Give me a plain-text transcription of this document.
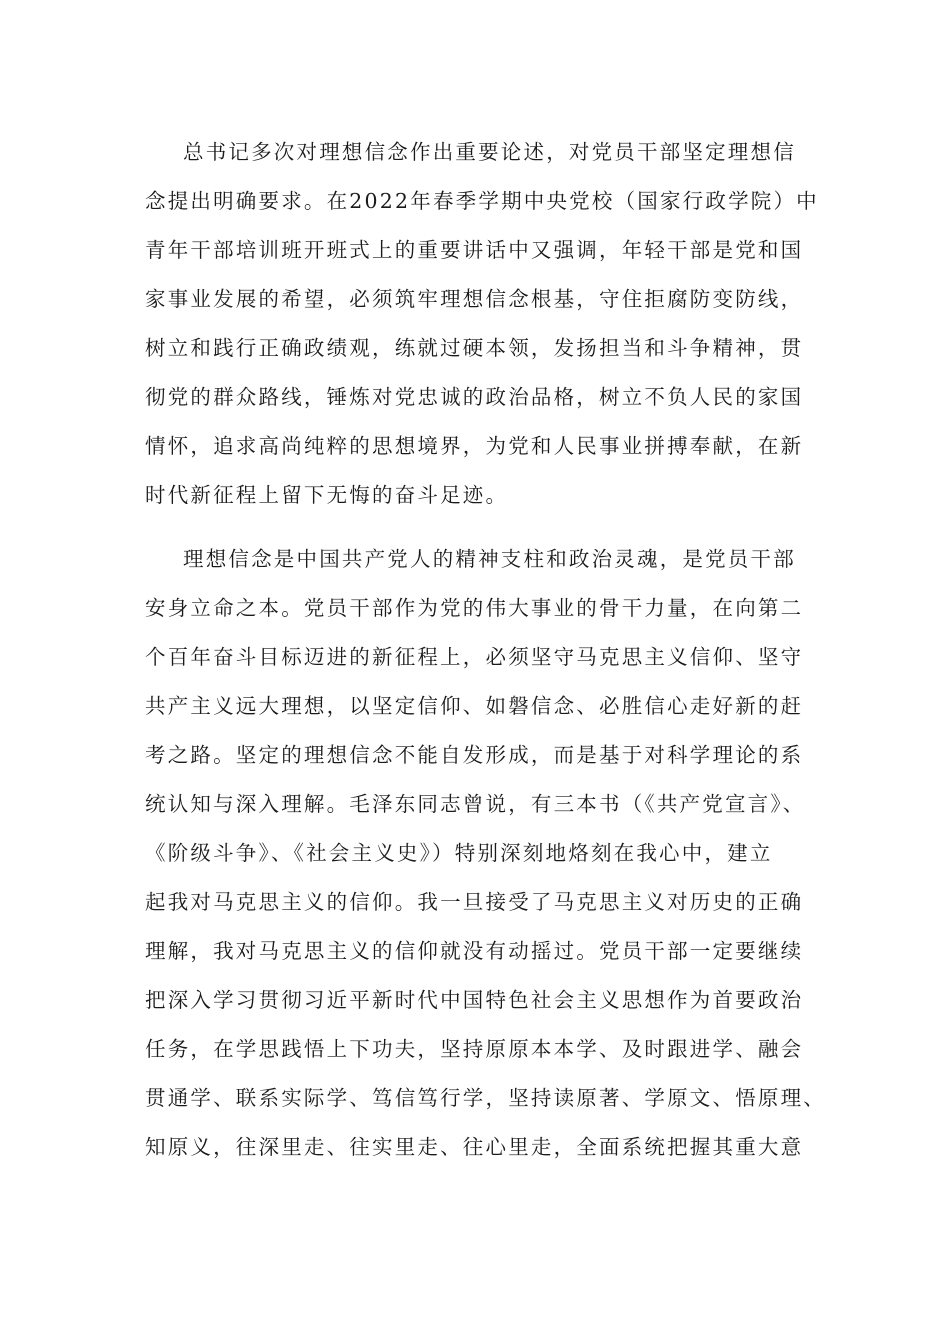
总书记多次对理想信念作出重要论述，对党员干部坚定理想信
念提出明确要求。在2022年春季学期中央党校（国家行政学院）中
青年干部培训班开班式上的重要讲话中又强调，年轻干部是党和国
家事业发展的希望，必须筑牢理想信念根基，守住拒腐防变防线，
树立和践行正确政绩观，练就过硬本领，发扬担当和斗争精神，贯
彻党的群众路线，锤炼对党忠诚的政治品格，树立不负人民的家国
情怀，追求高尚纯粹的思想境界，为党和人民事业拼搏奉献，在新
时代新征程上留下无悔的奋斗足迹。

理想信念是中国共产党人的精神支柱和政治灵魂，是党员干部
安身立命之本。党员干部作为党的伟大事业的骨干力量，在向第二
个百年奋斗目标迈进的新征程上，必须坚守马克思主义信仰、坚守
共产主义远大理想，以坚定信仰、如磐信念、必胜信心走好新的赶
考之路。坚定的理想信念不能自发形成，而是基于对科学理论的系
统认知与深入理解。毛泽东同志曾说，有三本书（《共产党宣言》、
《阶级斗争》、《社会主义史》）特别深刻地烙刻在我心中，建立
起我对马克思主义的信仰。我一旦接受了马克思主义对历史的正确
理解，我对马克思主义的信仰就没有动摇过。党员干部一定要继续
把深入学习贯彻习近平新时代中国特色社会主义思想作为首要政治
任务，在学思践悟上下功夫，坚持原原本本学、及时跟进学、融会
贯通学、联系实际学、笃信笃行学，坚持读原著、学原文、悟原理、
知原义，往深里走、往实里走、往心里走，全面系统把握其重大意
